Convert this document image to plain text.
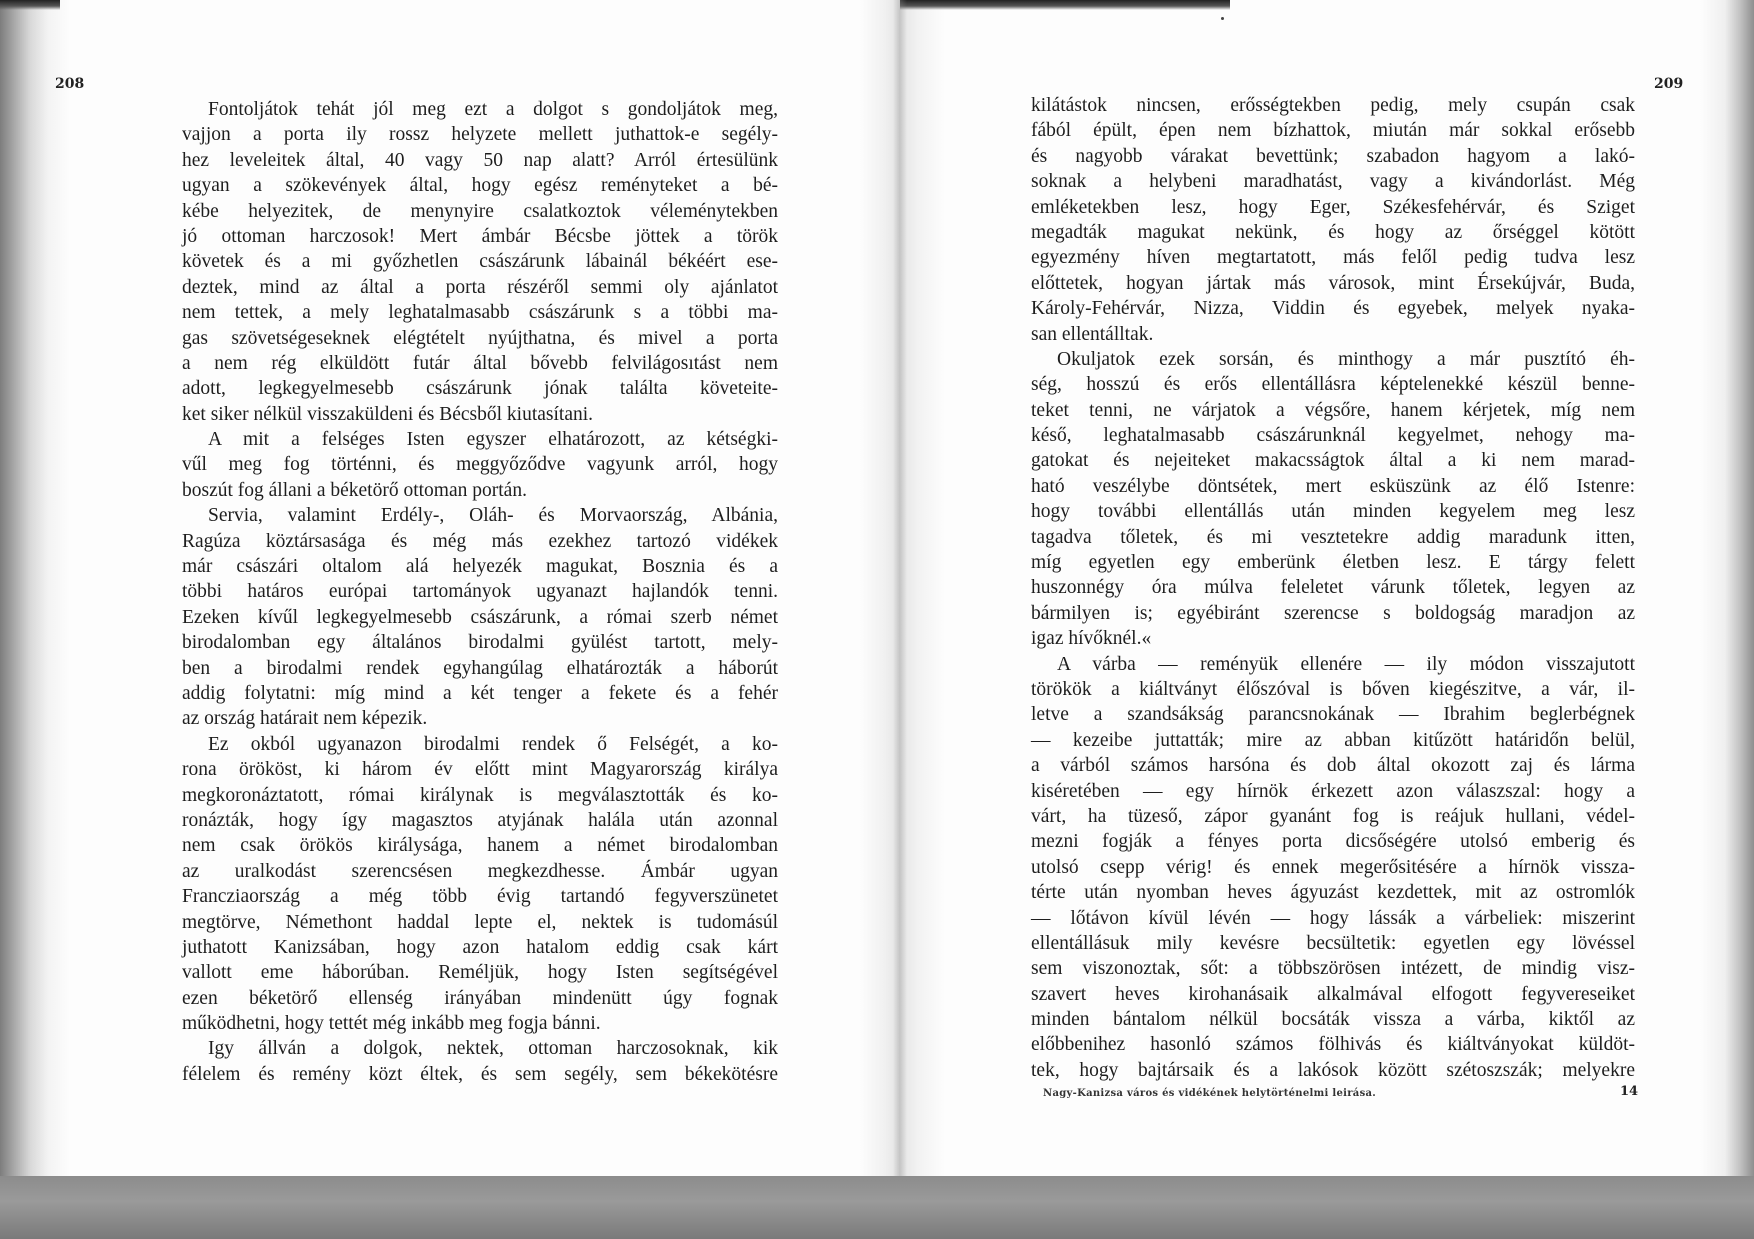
208
Fontoljátok tehát jól meg ezt a dolgot s gondoljátok meg,
vajjon a porta ily rossz helyzete mellett juthattok-e segély-
hez leveleitek által, 40 vagy 50 nap alatt? Arról értesülünk
ugyan a szökevények által, hogy egész reményteket a bé-
kébe helyezitek, de menynyire csalatkoztok véleménytekben
jó ottoman harczosok! Mert ámbár Bécsbe jöttek a török
követek és a mi győzhetlen császárunk lábainál békéért ese-
deztek, mind az által a porta részéről semmi oly ajánlatot
nem tettek, a mely leghatalmasabb császárunk s a többi ma-
gas szövetségeseknek elégtételt nyújthatna, és mivel a porta
a nem rég elküldött futár által bővebb felvilágosıtást nem
adott, legkegyelmesebb császárunk jónak találta követeite-
ket siker nélkül visszaküldeni és Bécsből kiutasítani.
A mit a felséges Isten egyszer elhatározott, az kétségki-
vűl meg fog történni, és meggyőződve vagyunk arról, hogy
boszút fog állani a béketörő ottoman portán.
Servia, valamint Erdély-, Oláh- és Morvaország, Albánia,
Ragúza köztársasága és még más ezekhez tartozó vidékek
már császári oltalom alá helyezék magukat, Bosznia és a
többi határos európai tartományok ugyanazt hajlandók tenni.
Ezeken kívűl legkegyelmesebb császárunk, a római szerb német
birodalomban egy általános birodalmi gyülést tartott, mely-
ben a birodalmi rendek egyhangúlag elhatározták a háborút
addig folytatni: míg mind a két tenger a fekete és a fehér
az ország határait nem képezik.
Ez okból ugyanazon birodalmi rendek ő Felségét, a ko-
rona örököst, ki három év előtt mint Magyarország királya
megkoronáztatott, római királynak is megválasztották és ko-
ronázták, hogy így magasztos atyjának halála után azonnal
nem csak örökös királysága, hanem a német birodalomban
az uralkodást szerencsésen megkezdhesse. Ámbár ugyan
Francziaország a még több évig tartandó fegyverszünetet
megtörve, Némethont haddal lepte el, nektek is tudomásúl
juthatott Kanizsában, hogy azon hatalom eddig csak kárt
vallott eme háborúban. Reméljük, hogy Isten segítségével
ezen béketörő ellenség irányában mindenütt úgy fognak
működhetni, hogy tettét még inkább meg fogja bánni.
Igy állván a dolgok, nektek, ottoman harczosoknak, kik
félelem és remény közt éltek, és sem segély, sem békekötésre
209
kilátástok nincsen, erősségtekben pedig, mely csupán csak
fából épült, épen nem bízhattok, miután már sokkal erősebb
és nagyobb várakat bevettünk; szabadon hagyom a lakó-
soknak a helybeni maradhatást, vagy a kivándorlást. Még
emléketekben lesz, hogy Eger, Székesfehérvár, és Sziget
megadták magukat nekünk, és hogy az őrséggel kötött
egyezmény híven megtartatott, más felől pedig tudva lesz
előttetek, hogyan jártak más városok, mint Érsekújvár, Buda,
Károly-Fehérvár, Nizza, Viddin és egyebek, melyek nyaka-
san ellentálltak.
Okuljatok ezek sorsán, és minthogy a már pusztító éh-
ség, hosszú és erős ellentállásra képtelenekké készül benne-
teket tenni, ne várjatok a végsőre, hanem kérjetek, míg nem
késő, leghatalmasabb császárunknál kegyelmet, nehogy ma-
gatokat és nejeiteket makacsságtok által a ki nem marad-
ható veszélybe döntsétek, mert esküszünk az élő Istenre:
hogy további ellentállás után minden kegyelem meg lesz
tagadva tőletek, és mi vesztetekre addig maradunk itten,
míg egyetlen egy emberünk életben lesz. E tárgy felett
huszonnégy óra múlva feleletet várunk tőletek, legyen az
bármilyen is; egyébiránt szerencse s boldogság maradjon az
igaz hívőknél.«
A várba — reményük ellenére — ily módon visszajutott
törökök a kiáltványt élőszóval is bőven kiegészitve, a vár, il-
letve a szandsákság parancsnokának — Ibrahim beglerbégnek
— kezeibe juttatták; mire az abban kitűzött határidőn belül,
a várból számos harsóna és dob által okozott zaj és lárma
kiséretében — egy hírnök érkezett azon válaszszal: hogy a
várt, ha tüzeső, zápor gyanánt fog is reájuk hullani, védel-
mezni fogják a fényes porta dicsőségére utolsó emberig és
utolsó csepp vérig! és ennek megerősitésére a hírnök vissza-
térte után nyomban heves ágyuzást kezdettek, mit az ostromlók
— lőtávon kívül lévén — hogy lássák a várbeliek: miszerint
ellentállásuk mily kevésre becsültetik: egyetlen egy lövéssel
sem viszonoztak, sőt: a többszörösen intézett, de mindig visz-
szavert heves kirohanásaik alkalmával elfogott fegyvereseiket
minden bántalom nélkül bocsáták vissza a várba, kiktől az
előbbenihez hasonló számos fölhivás és kiáltványokat küldöt-
tek, hogy bajtársaik és a lakósok között szétoszszák; melyekre
Nagy-Kanizsa város és vidékének helytörténelmi leirása.	14
